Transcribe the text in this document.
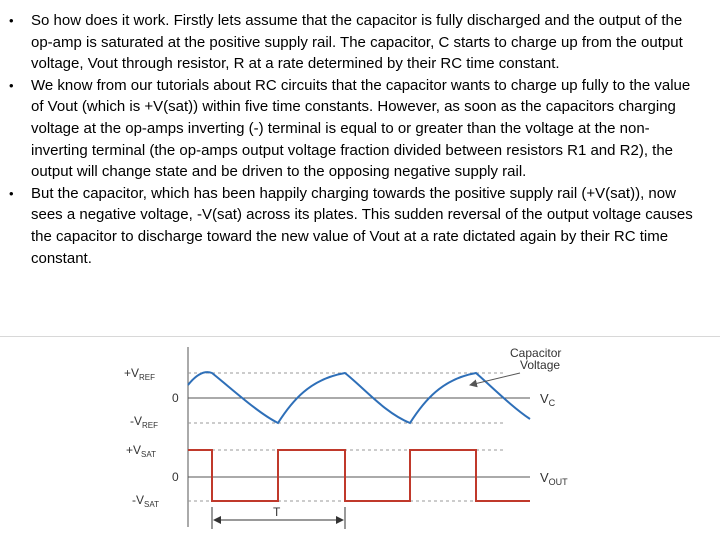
• So how does it work. Firstly lets assume that the capacitor is fully discharged and the output of the op-amp is saturated at the positive supply rail. The capacitor, C starts to charge up from the output voltage, Vout through resistor, R at a rate determined by their RC time constant.
• We know from our tutorials about RC circuits that the capacitor wants to charge up fully to the value of Vout (which is +V(sat)) within five time constants. However, as soon as the capacitors charging voltage at the op-amps inverting (-) terminal is equal to or greater than the voltage at the non-inverting terminal (the op-amps output voltage fraction divided between resistors R1 and R2), the output will change state and be driven to the opposing negative supply rail.
• But the capacitor, which has been happily charging towards the positive supply rail (+V(sat)), now sees a negative voltage, -V(sat) across its plates. This sudden reversal of the output voltage causes the capacitor to discharge toward the new value of Vout at a rate dictated again by their RC time constant.
$+V_{REF}$
0
$-V_{REF}$
$+V_{SAT}$
0
$-V_{SAT}$
Capacitor
Voltage
$V_C$
$V_{OUT}$
T
